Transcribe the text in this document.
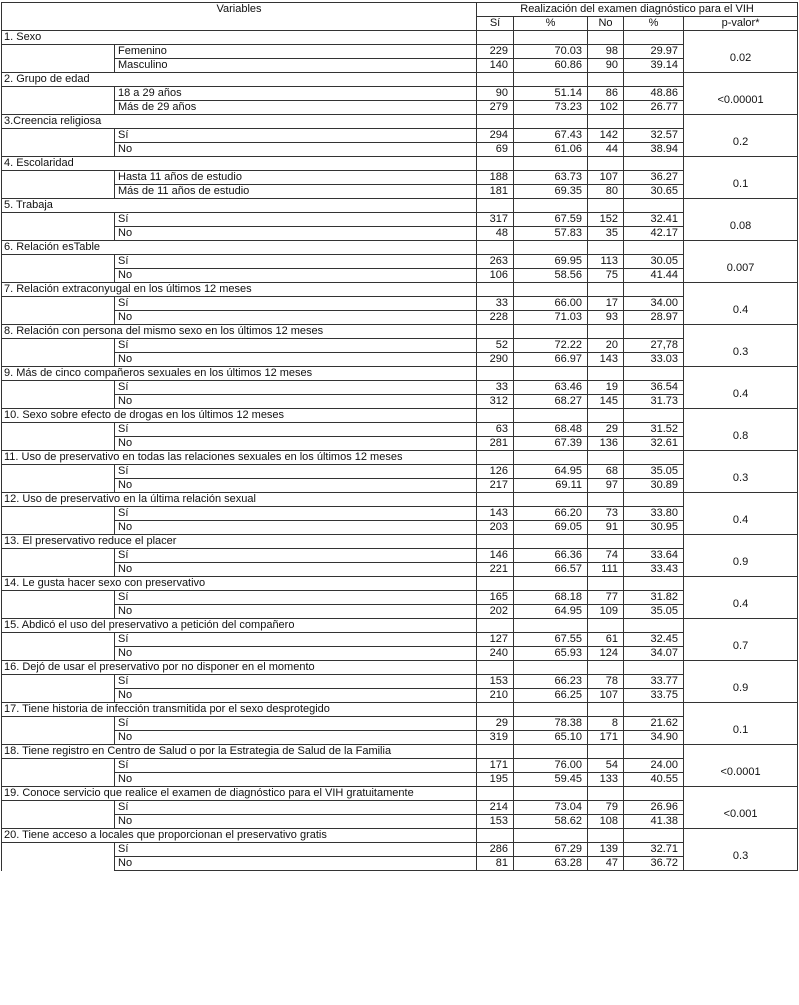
Variables		Realización del examen diagnóstico para el VIH				
		Sí	%	No	%	p-valor*
1. Sexo						0.02
	Femenino	229	70.03	98	29.97	
	Masculino	140	60.86	90	39.14	
2. Grupo de edad						<0.00001
	18 a 29 años	90	51.14	86	48.86	
	Más de 29 años	279	73.23	102	26.77	
3.Creencia religiosa						0.2
	Sí	294	67.43	142	32.57	
	No	69	61.06	44	38.94	
4. Escolaridad						0.1
	Hasta 11 años de estudio	188	63.73	107	36.27	
	Más de 11 años de estudio	181	69.35	80	30.65	
5. Trabaja						0.08
	Sí	317	67.59	152	32.41	
	No	48	57.83	35	42.17	
6. Relación esTable						0.007
	Sí	263	69.95	113	30.05	
	No	106	58.56	75	41.44	
7. Relación extraconyugal en los últimos 12 meses						0.4
	Sí	33	66.00	17	34.00	
	No	228	71.03	93	28.97	
8. Relación con persona del mismo sexo en los últimos 12 meses						0.3
	Sí	52	72.22	20	27,78	
	No	290	66.97	143	33.03	
9. Más de cinco compañeros sexuales en los últimos 12 meses						0.4
	Sí	33	63.46	19	36.54	
	No	312	68.27	145	31.73	
10. Sexo sobre efecto de drogas en los últimos 12 meses						0.8
	Sí	63	68.48	29	31.52	
	No	281	67.39	136	32.61	
11. Uso de preservativo en todas las relaciones sexuales en los últimos 12 meses						0.3
	Sí	126	64.95	68	35.05	
	No	217	69.11	97	30.89	
12. Uso de preservativo en la última relación sexual						0.4
	Sí	143	66.20	73	33.80	
	No	203	69.05	91	30.95	
13. El preservativo reduce el placer						0.9
	Sí	146	66.36	74	33.64	
	No	221	66.57	111	33.43	
14. Le gusta hacer sexo con preservativo						0.4
	Sí	165	68.18	77	31.82	
	No	202	64.95	109	35.05	
15. Abdicó el uso del preservativo a petición del compañero						0.7
	Sí	127	67.55	61	32.45	
	No	240	65.93	124	34.07	
16. Dejó de usar el preservativo por no disponer en el momento						0.9
	Sí	153	66.23	78	33.77	
	No	210	66.25	107	33.75	
17. Tiene historia de infección transmitida por el sexo desprotegido						0.1
	Sí	29	78.38	8	21.62	
	No	319	65.10	171	34.90	
18. Tiene registro en Centro de Salud o por la Estrategia de Salud de la Familia						<0.0001
	Sí	171	76.00	54	24.00	
	No	195	59.45	133	40.55	
19. Conoce servicio que realice el examen de diagnóstico para el VIH gratuitamente						<0.001
	Sí	214	73.04	79	26.96	
	No	153	58.62	108	41.38	
20. Tiene acceso a locales que proporcionan el preservativo gratis						0.3
	Sí	286	67.29	139	32.71	
	No	81	63.28	47	36.72	
